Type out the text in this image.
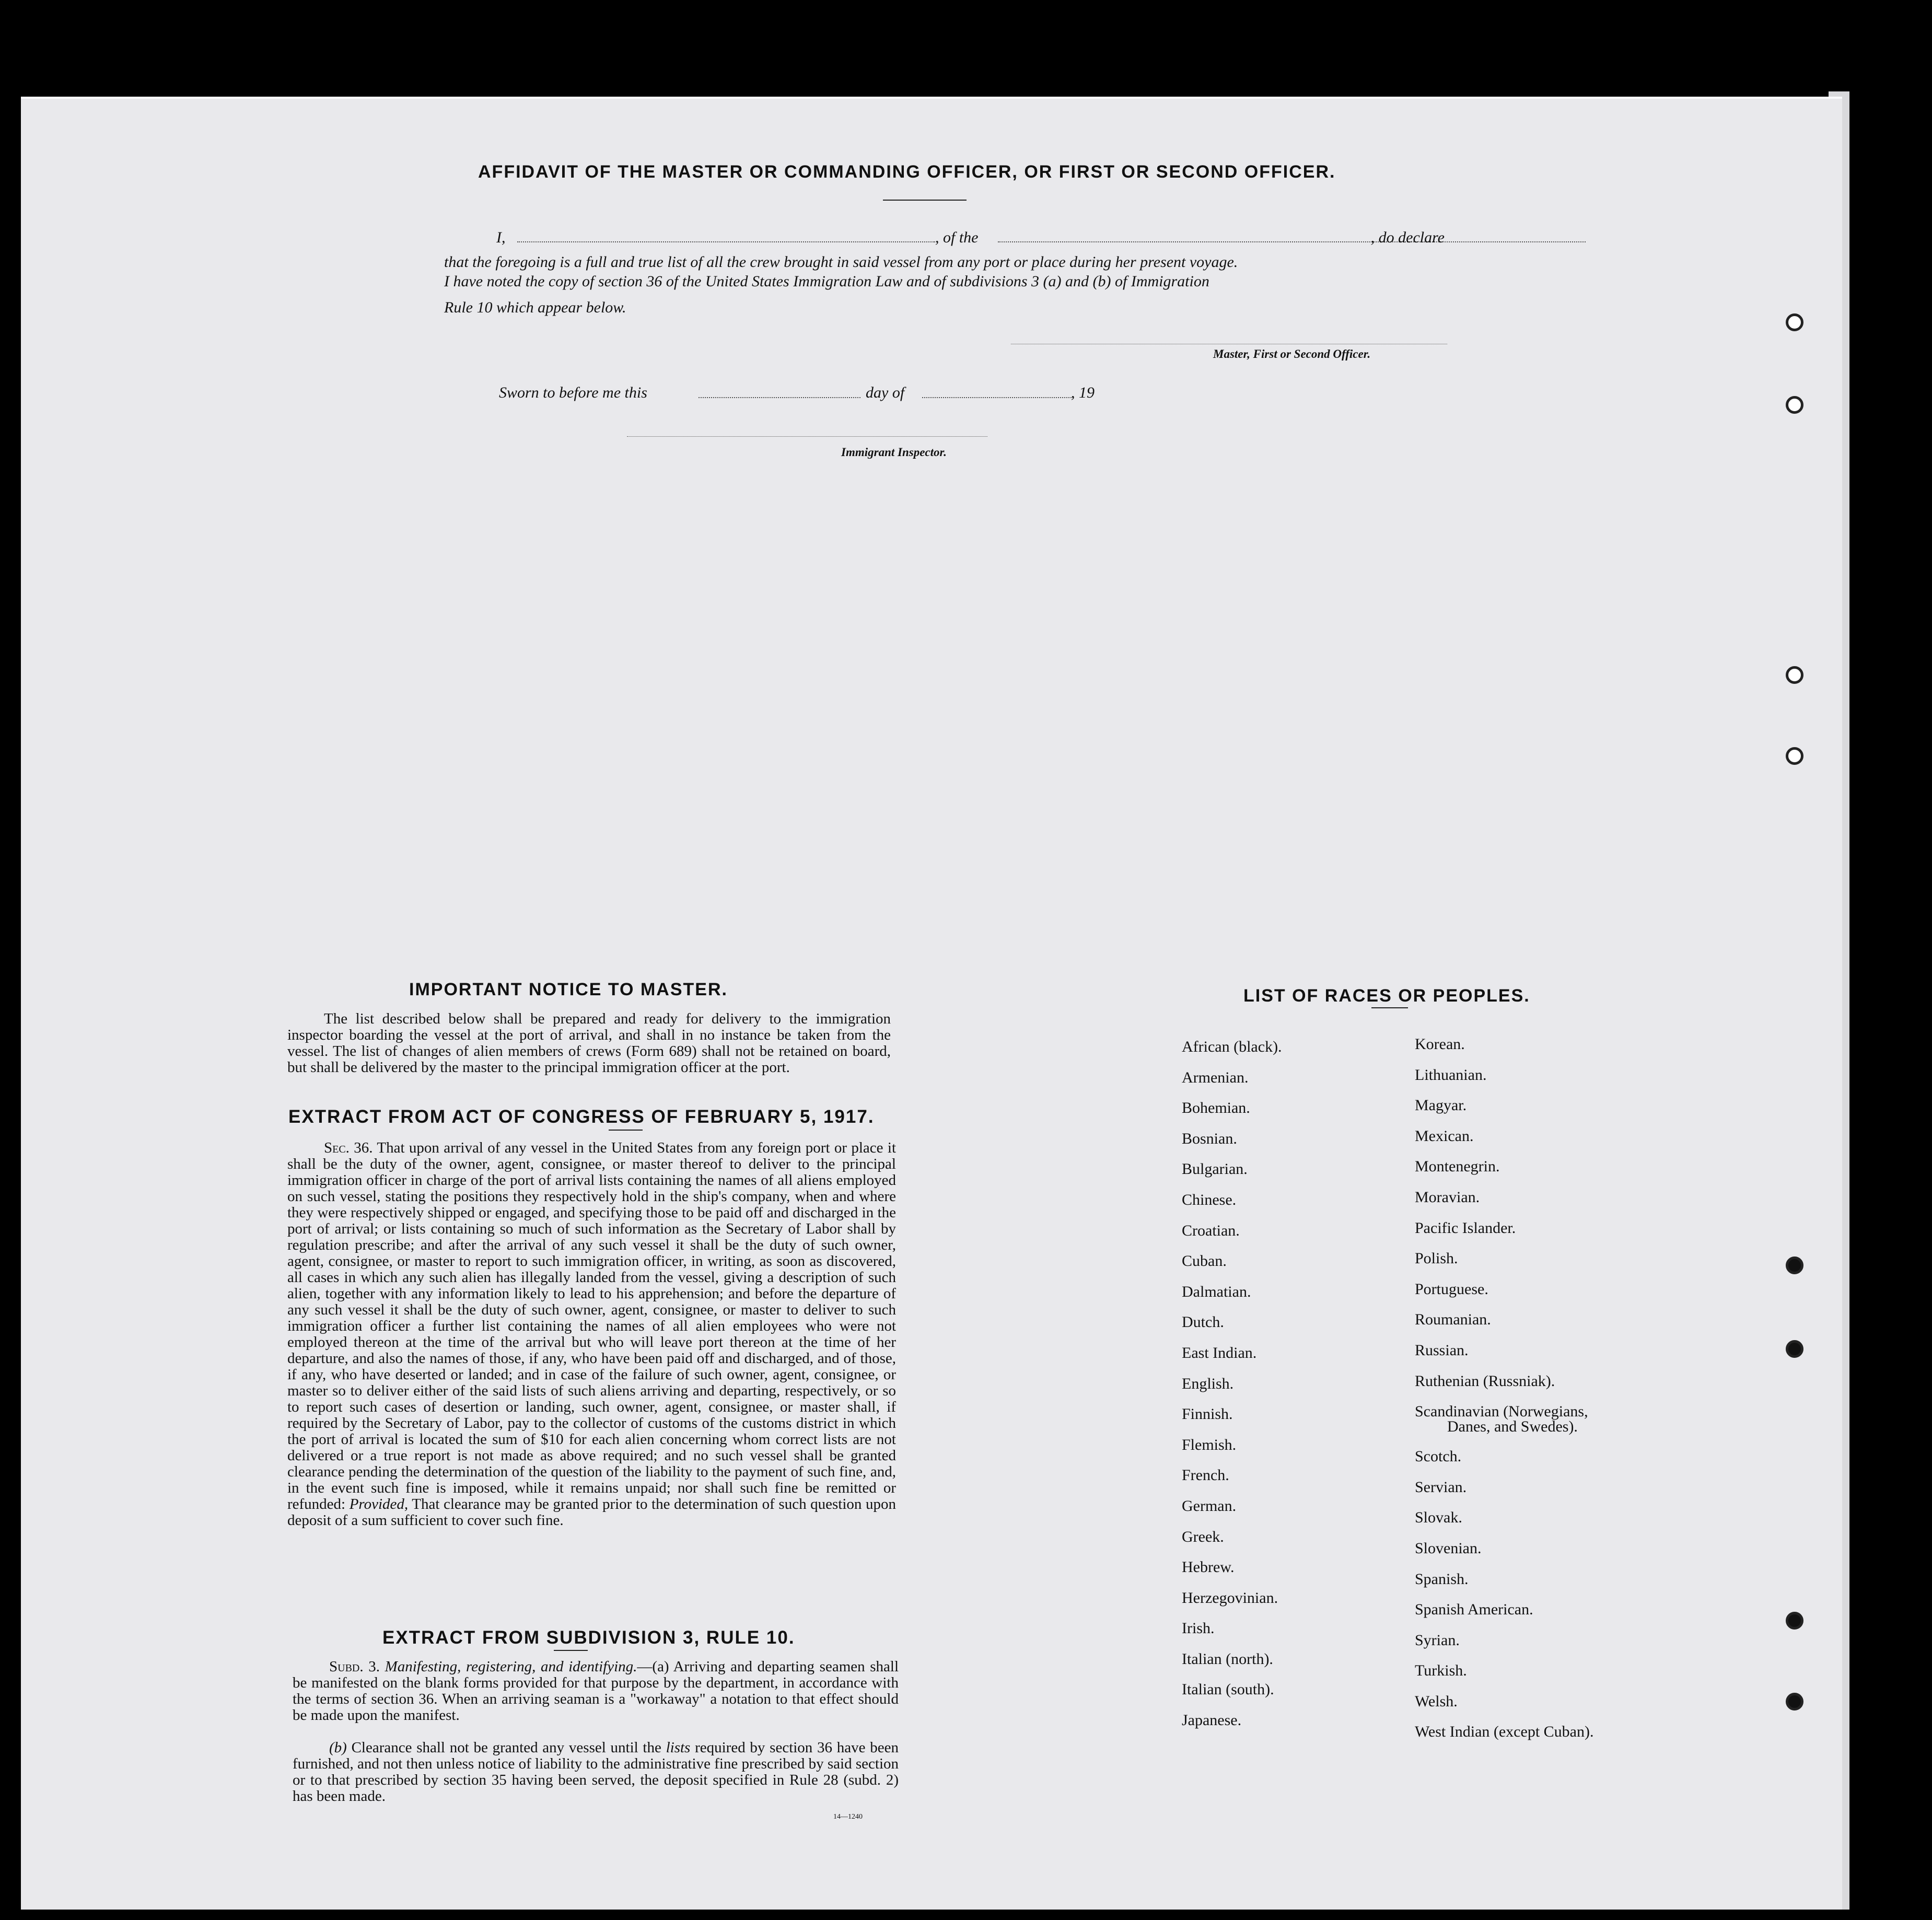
AFFIDAVIT OF THE MASTER OR COMMANDING OFFICER, OR FIRST OR SECOND OFFICER.
I,	, of the	, do declare
that the foregoing is a full and true list of all the crew brought in said vessel from any port or place during her present voyage.
I have noted the copy of section 36 of the United States Immigration Law and of subdivisions 3 (a) and (b) of Immigration
Rule 10 which appear below.
Master, First or Second Officer.
Sworn to before me this	day of	, 19
Immigrant Inspector.
IMPORTANT NOTICE TO MASTER.
The list described below shall be prepared and ready for delivery to the immigration inspector boarding the vessel at the port of arrival, and shall in no instance be taken from the vessel. The list of changes of alien members of crews (Form 689) shall not be retained on board, but shall be delivered by the master to the principal immigration officer at the port.
EXTRACT FROM ACT OF CONGRESS OF FEBRUARY 5, 1917.
Sec. 36. That upon arrival of any vessel in the United States from any foreign port or place it shall be the duty of the owner, agent, consignee, or master thereof to deliver to the principal immigration officer in charge of the port of arrival lists containing the names of all aliens employed on such vessel, stating the positions they respectively hold in the ship's company, when and where they were respectively shipped or engaged, and specifying those to be paid off and discharged in the port of arrival; or lists containing so much of such information as the Secretary of Labor shall by regulation prescribe; and after the arrival of any such vessel it shall be the duty of such owner, agent, consignee, or master to report to such immigration officer, in writing, as soon as discovered, all cases in which any such alien has illegally landed from the vessel, giving a description of such alien, together with any information likely to lead to his apprehension; and before the departure of any such vessel it shall be the duty of such owner, agent, consignee, or master to deliver to such immigration officer a further list containing the names of all alien employees who were not employed thereon at the time of the arrival but who will leave port thereon at the time of her departure, and also the names of those, if any, who have been paid off and discharged, and of those, if any, who have deserted or landed; and in case of the failure of such owner, agent, consignee, or master so to deliver either of the said lists of such aliens arriving and departing, respectively, or so to report such cases of desertion or landing, such owner, agent, consignee, or master shall, if required by the Secretary of Labor, pay to the collector of customs of the customs district in which the port of arrival is located the sum of $10 for each alien concerning whom correct lists are not delivered or a true report is not made as above required; and no such vessel shall be granted clearance pending the determination of the question of the liability to the payment of such fine, and, in the event such fine is imposed, while it remains unpaid; nor shall such fine be remitted or refunded: Provided, That clearance may be granted prior to the determination of such question upon deposit of a sum sufficient to cover such fine.
EXTRACT FROM SUBDIVISION 3, RULE 10.
Subd. 3. Manifesting, registering, and identifying.—(a) Arriving and departing seamen shall be manifested on the blank forms provided for that purpose by the department, in accordance with the terms of section 36. When an arriving seaman is a "workaway" a notation to that effect should be made upon the manifest.
(b) Clearance shall not be granted any vessel until the lists required by section 36 have been furnished, and not then unless notice of liability to the administrative fine prescribed by said section or to that prescribed by section 35 having been served, the deposit specified in Rule 28 (subd. 2) has been made.
14—1240
LIST OF RACES OR PEOPLES.
African (black).
Armenian.
Bohemian.
Bosnian.
Bulgarian.
Chinese.
Croatian.
Cuban.
Dalmatian.
Dutch.
East Indian.
English.
Finnish.
Flemish.
French.
German.
Greek.
Hebrew.
Herzegovinian.
Irish.
Italian (north).
Italian (south).
Japanese.
Korean.
Lithuanian.
Magyar.
Mexican.
Montenegrin.
Moravian.
Pacific Islander.
Polish.
Portuguese.
Roumanian.
Russian.
Ruthenian (Russniak).
Scandinavian (Norwegians,
Danes, and Swedes).
Scotch.
Servian.
Slovak.
Slovenian.
Spanish.
Spanish American.
Syrian.
Turkish.
Welsh.
West Indian (except Cuban).
